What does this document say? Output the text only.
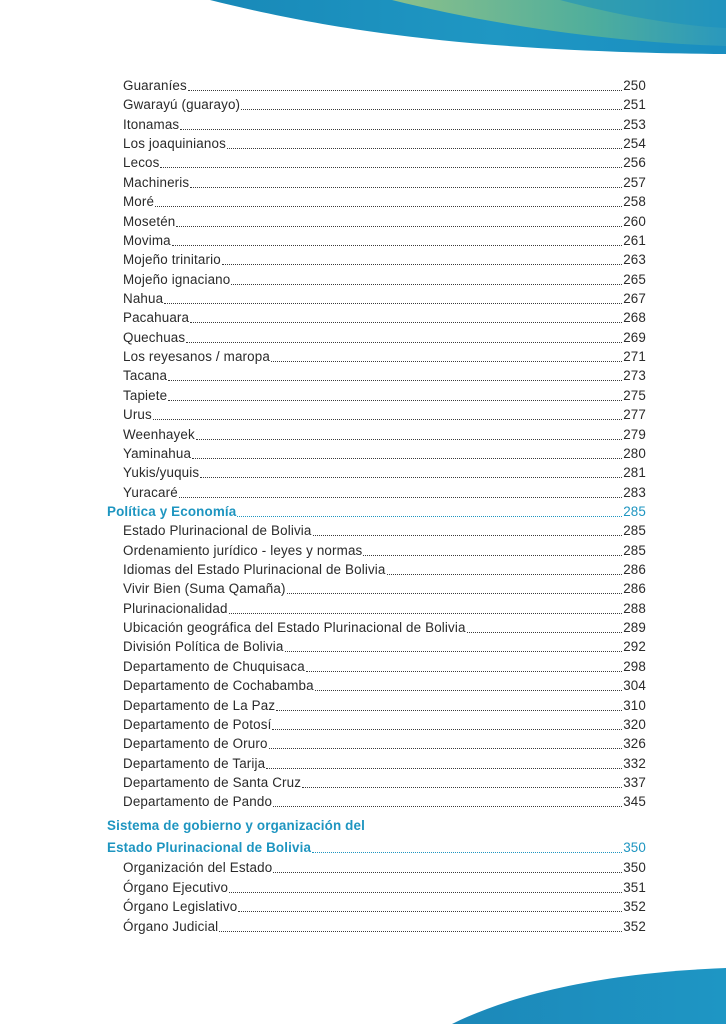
Guaraníes	250
Gwarayú (guarayo)	251
Itonamas	253
Los joaquinianos	254
Lecos	256
Machineris	257
Moré	258
Mosetén	260
Movima	261
Mojeño trinitario	263
Mojeño ignaciano	265
Nahua	267
Pacahuara	268
Quechuas	269
Los reyesanos / maropa	271
Tacana	273
Tapiete	275
Urus	277
Weenhayek	279
Yaminahua	280
Yukis/yuquis	281
Yuracaré	283
Política y Economía	285
Estado Plurinacional de Bolivia	285
Ordenamiento jurídico - leyes y normas	285
Idiomas del Estado Plurinacional de Bolivia	286
Vivir Bien (Suma Qamaña)	286
Plurinacionalidad	288
Ubicación geográfica del Estado Plurinacional de Bolivia	289
División Política de Bolivia	292
Departamento de Chuquisaca	298
Departamento de Cochabamba	304
Departamento de La Paz	310
Departamento de Potosí	320
Departamento de Oruro	326
Departamento de Tarija	332
Departamento de Santa Cruz	337
Departamento de Pando	345
Sistema de gobierno y organización del
Estado Plurinacional de Bolivia	350
Organización del Estado	350
Órgano Ejecutivo	351
Órgano Legislativo	352
Órgano Judicial	352
